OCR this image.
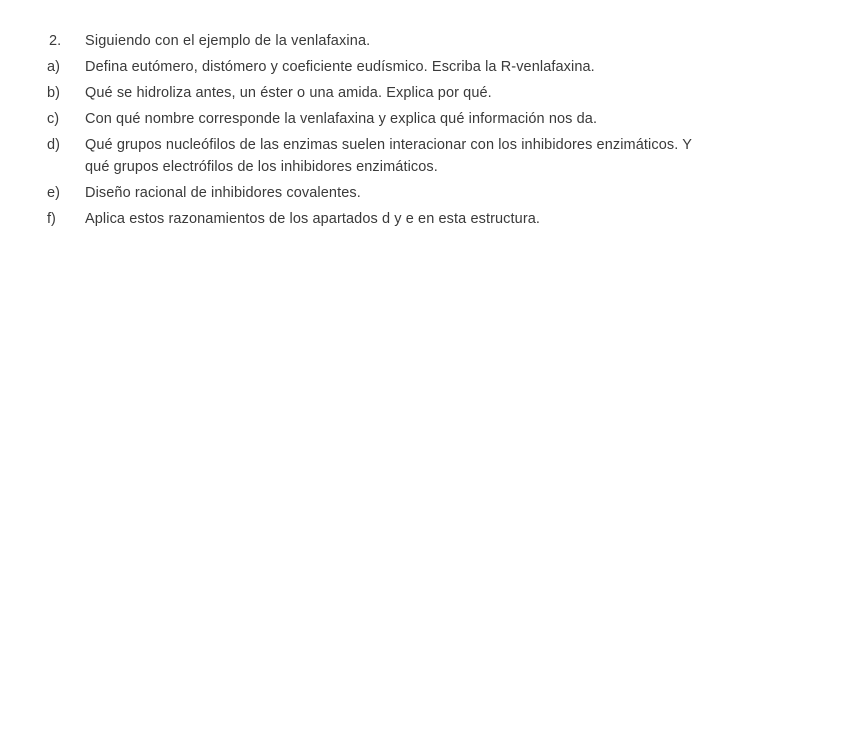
2.	Siguiendo con el ejemplo de la venlafaxina.
a)	Defina eutómero, distómero y coeficiente eudísmico. Escriba la R-venlafaxina.
b)	Qué se hidroliza antes, un éster o una amida. Explica por qué.
c)	Con qué nombre corresponde la venlafaxina y explica qué información nos da.
d)	Qué grupos nucleófilos de las enzimas suelen interacionar con los inhibidores enzimáticos. Y qué grupos electrófilos de los inhibidores enzimáticos.
e)	Diseño racional de inhibidores covalentes.
f)	Aplica estos razonamientos de los apartados d y e en esta estructura.
